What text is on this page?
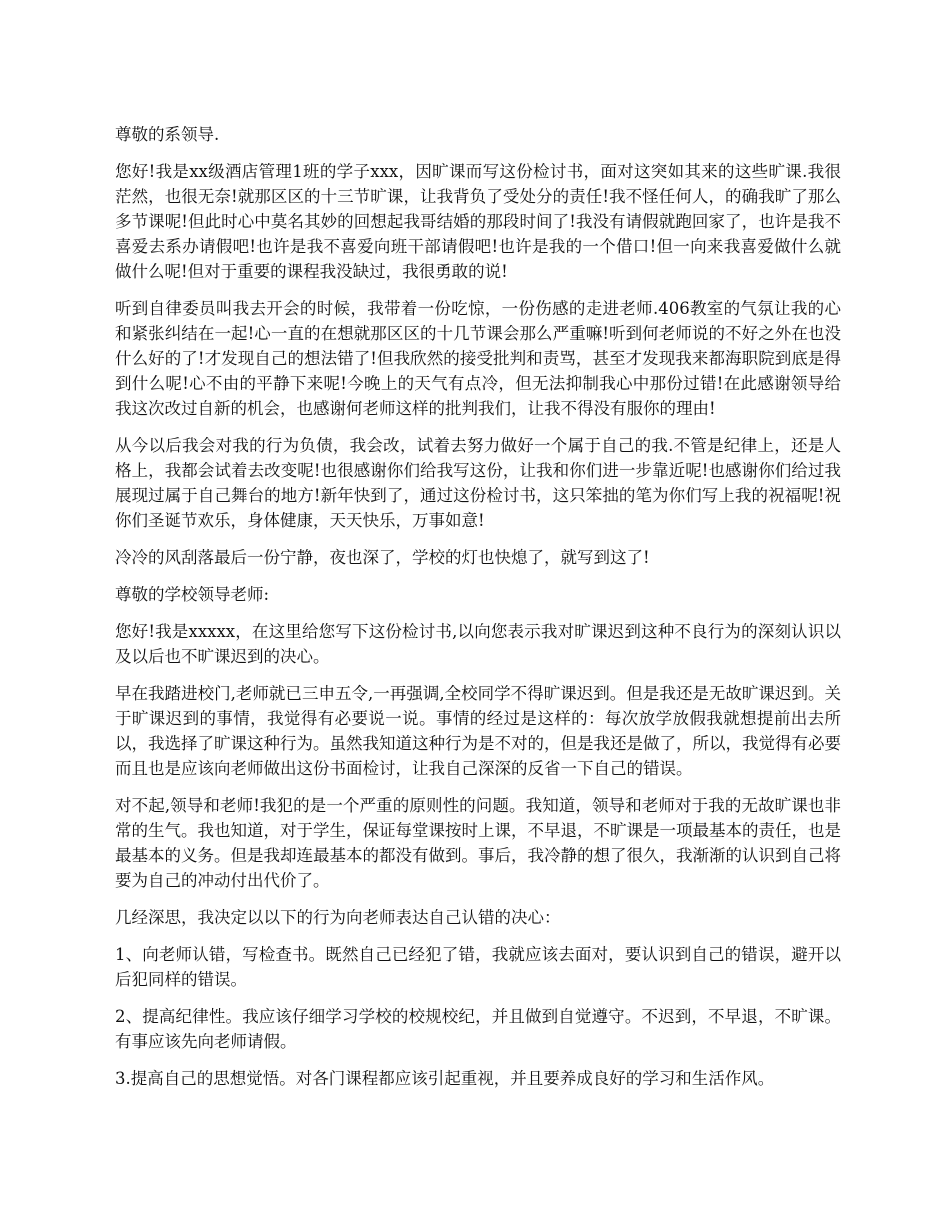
尊敬的系领导.

您好!我是xx级酒店管理1班的学子xxx，因旷课而写这份检讨书，面对这突如其来的这些旷课.我很茫然，也很无奈!就那区区的十三节旷课，让我背负了受处分的责任!我不怪任何人，的确我旷了那么多节课呢!但此时心中莫名其妙的回想起我哥结婚的那段时间了!我没有请假就跑回家了，也许是我不喜爱去系办请假吧!也许是我不喜爱向班干部请假吧!也许是我的一个借口!但一向来我喜爱做什么就做什么呢!但对于重要的课程我没缺过，我很勇敢的说!

听到自律委员叫我去开会的时候，我带着一份吃惊，一份伤感的走进老师.406教室的气氛让我的心和紧张纠结在一起!心一直的在想就那区区的十几节课会那么严重嘛!听到何老师说的不好之外在也没什么好的了!才发现自己的想法错了!但我欣然的接受批判和责骂，甚至才发现我来都海职院到底是得到什么呢!心不由的平静下来呢!今晚上的天气有点冷，但无法抑制我心中那份过错!在此感谢领导给我这次改过自新的机会，也感谢何老师这样的批判我们，让我不得没有服你的理由!

从今以后我会对我的行为负债，我会改，试着去努力做好一个属于自己的我.不管是纪律上，还是人格上，我都会试着去改变呢!也很感谢你们给我写这份，让我和你们进一步靠近呢!也感谢你们给过我展现过属于自己舞台的地方!新年快到了，通过这份检讨书，这只笨拙的笔为你们写上我的祝福呢!祝你们圣诞节欢乐，身体健康，天天快乐，万事如意!

冷冷的风刮落最后一份宁静，夜也深了，学校的灯也快熄了，就写到这了!

尊敬的学校领导老师:

您好!我是xxxxx，在这里给您写下这份检讨书,以向您表示我对旷课迟到这种不良行为的深刻认识以及以后也不旷课迟到的决心。

早在我踏进校门,老师就已三申五令,一再强调,全校同学不得旷课迟到。但是我还是无故旷课迟到。关于旷课迟到的事情，我觉得有必要说一说。事情的经过是这样的：每次放学放假我就想提前出去所以，我选择了旷课这种行为。虽然我知道这种行为是不对的，但是我还是做了，所以，我觉得有必要而且也是应该向老师做出这份书面检讨，让我自己深深的反省一下自己的错误。

对不起,领导和老师!我犯的是一个严重的原则性的问题。我知道，领导和老师对于我的无故旷课也非常的生气。我也知道，对于学生，保证每堂课按时上课，不早退，不旷课是一项最基本的责任，也是最基本的义务。但是我却连最基本的都没有做到。事后，我冷静的想了很久，我渐渐的认识到自己将要为自己的冲动付出代价了。

几经深思，我决定以以下的行为向老师表达自己认错的决心：

1、向老师认错，写检查书。既然自己已经犯了错，我就应该去面对，要认识到自己的错误，避开以后犯同样的错误。

2、提高纪律性。我应该仔细学习学校的校规校纪，并且做到自觉遵守。不迟到，不早退，不旷课。有事应该先向老师请假。

3.提高自己的思想觉悟。对各门课程都应该引起重视，并且要养成良好的学习和生活作风。
